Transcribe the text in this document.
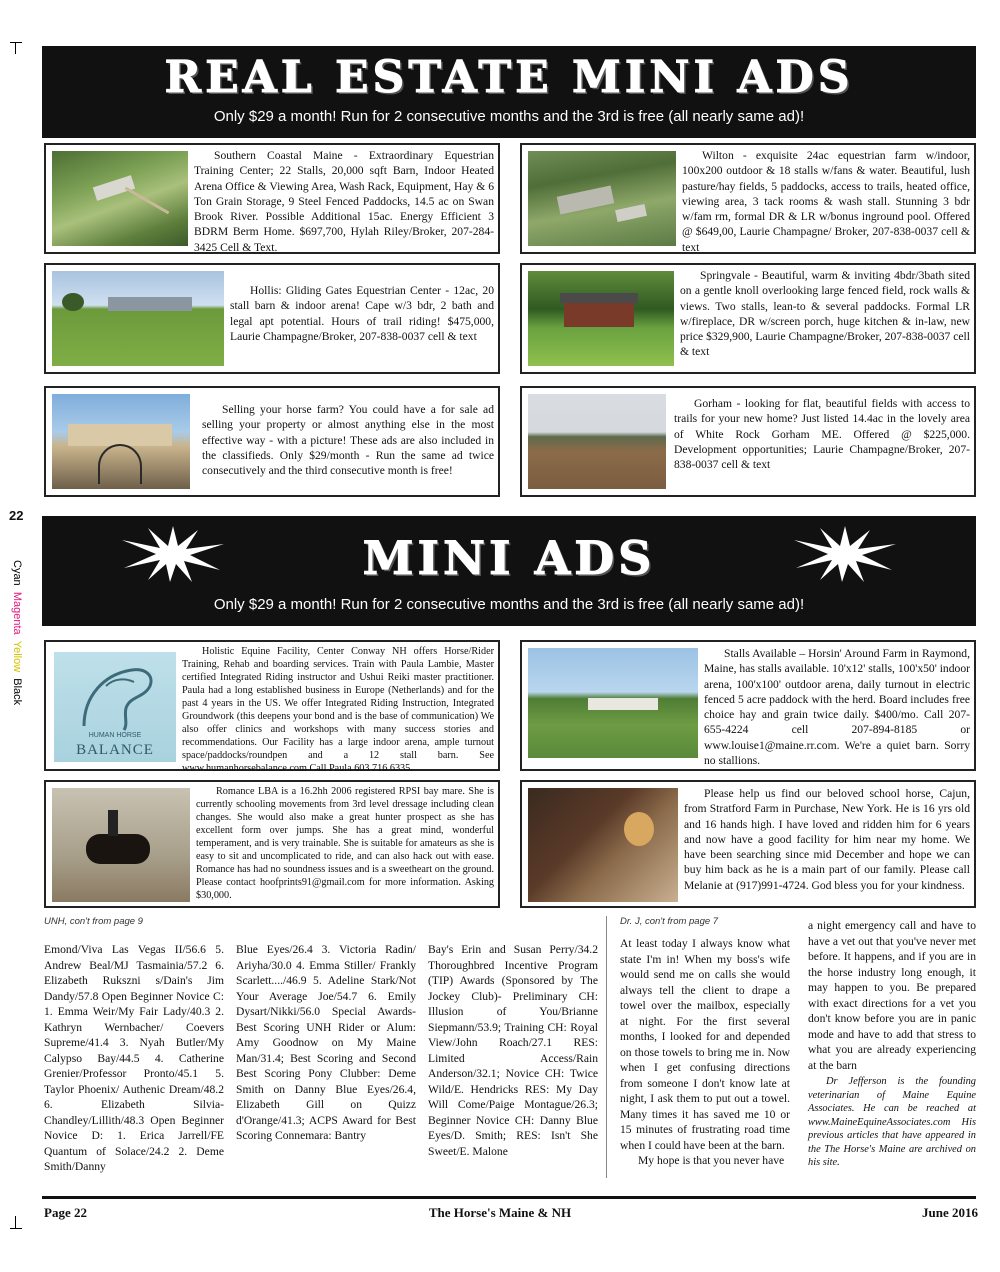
22
Cyan  Magenta  Yellow  Black
REAL ESTATE MINI ADS
Only $29 a month! Run for 2 consecutive months and the 3rd is free (all nearly same ad)!
Southern Coastal Maine - Extraordinary Equestrian Training Center; 22 Stalls, 20,000 sqft Barn, Indoor Heated Arena Office & Viewing Area, Wash Rack, Equipment, Hay & 6 Ton Grain Storage, 9 Steel Fenced Paddocks, 14.5 ac on Swan Brook River. Possible Additional 15ac. Energy Efficient 3 BDRM Berm Home. $697,700, Hylah Riley/Broker, 207-284-3425 Cell & Text.
Wilton - exquisite 24ac equestrian farm w/indoor, 100x200 outdoor & 18 stalls w/fans & water. Beautiful, lush pasture/hay fields, 5 paddocks, access to trails, heated office, viewing area, 3 tack rooms & wash stall. Stunning 3 bdr w/fam rm, formal DR & LR w/bonus inground pool. Offered @ $649,00, Laurie Champagne/ Broker, 207-838-0037 cell & text
Hollis: Gliding Gates Equestrian Center - 12ac, 20 stall barn & indoor arena! Cape w/3 bdr, 2 bath and legal apt potential. Hours of trail riding! $475,000, Laurie Champagne/Broker, 207-838-0037 cell & text
Springvale - Beautiful, warm & inviting 4bdr/3bath sited on a gentle knoll overlooking large fenced field, rock walls & views. Two stalls, lean-to & several paddocks. Formal LR w/fireplace, DR w/screen porch, huge kitchen & in-law, new price $329,900, Laurie Champagne/Broker, 207-838-0037 cell & text
Selling your horse farm? You could have a for sale ad selling your property or almost anything else in the most effective way - with a picture! These ads are also included in the classifieds. Only $29/month - Run the same ad twice consecutively and the third consecutive month is free!
Gorham - looking for flat, beautiful fields with access to trails for your new home? Just listed 14.4ac in the lovely area of White Rock Gorham ME. Offered @ $225,000. Development opportunities; Laurie Champagne/Broker, 207-838-0037 cell & text
MINI ADS
Only $29 a month! Run for 2 consecutive months and the 3rd is free (all nearly same ad)!
HUMAN HORSE
BALANCE
Holistic Equine Facility, Center Conway NH offers Horse/Rider Training, Rehab and boarding services. Train with Paula Lambie, Master certified Integrated Riding instructor and Ushui Reiki master practitioner. Paula had a long established business in Europe (Netherlands) and for the past 4 years in the US. We offer Integrated Riding Instruction, Integrated Groundwork (this deepens your bond and is the base of communication) We also offer clinics and workshops with many success stories and recommendations. Our Facility has a large indoor arena, ample turnout space/paddocks/roundpen and a 12 stall barn. See www.humanhorsebalance.com Call Paula 603 716 6335.
Stalls Available – Horsin' Around Farm in Raymond, Maine, has stalls available. 10'x12' stalls, 100'x50' indoor arena, 100'x100' outdoor arena, daily turnout in electric fenced 5 acre paddock with the herd. Board includes free choice hay and grain twice daily. $400/mo. Call 207-655-4224 cell 207-894-8185 or www.louise1@maine.rr.com. We're a quiet barn. Sorry no stallions.
Romance LBA is a 16.2hh 2006 registered RPSI bay mare. She is currently schooling movements from 3rd level dressage including clean changes. She would also make a great hunter prospect as she has excellent form over jumps. She has a great mind, wonderful temperament, and is very trainable. She is suitable for amateurs as she is easy to sit and uncomplicated to ride, and can also hack out with ease. Romance has had no soundness issues and is a sweetheart on the ground. Please contact hoofprints91@gmail.com for more information. Asking $30,000.
Please help us find our beloved school horse, Cajun, from Stratford Farm in Purchase, New York. He is 16 yrs old and 16 hands high. I have loved and ridden him for 6 years and now have a good facility for him near my home. We have been searching since mid December and hope we can buy him back as he is a main part of our family. Please call Melanie at (917)991-4724. God bless you for your kindness.
UNH, con't from page 9

Emond/Viva Las Vegas II/56.6 5. Andrew Beal/MJ Tasmainia/57.2 6. Elizabeth Rukszni s/Dain's Jim Dandy/57.8 Open Beginner Novice C: 1. Emma Weir/My Fair Lady/40.3 2. Kathryn Wernbacher/ Coevers Supreme/41.4 3. Nyah Butler/My Calypso Bay/44.5 4. Catherine Grenier/Professor Pronto/45.1 5. Taylor Phoenix/ Authenic Dream/48.2 6. Elizabeth Silvia-Chandley/Lillith/48.3 Open Beginner Novice D: 1. Erica Jarrell/FE Quantum of Solace/24.2 2. Deme Smith/Danny

Blue Eyes/26.4 3. Victoria Radin/ Ariyha/30.0 4. Emma Stiller/ Frankly Scarlett..../46.9 5. Adeline Stark/Not Your Average Joe/54.7 6. Emily Dysart/Nikki/56.0 Special Awards- Best Scoring UNH Rider or Alum: Amy Goodnow on My Maine Man/31.4; Best Scoring and Second Best Scoring Pony Clubber: Deme Smith on Danny Blue Eyes/26.4, Elizabeth Gill on Quizz d'Orange/41.3; ACPS Award for Best Scoring Connemara: Bantry

Bay's Erin and Susan Perry/34.2 Thoroughbred Incentive Program (TIP) Awards (Sponsored by The Jockey Club)- Preliminary CH: Illusion of You/Brianne Siepmann/53.9; Training CH: Royal View/John Roach/27.1 RES: Limited Access/Rain Anderson/32.1; Novice CH: Twice Wild/E. Hendricks RES: My Day Will Come/Paige Montague/26.3; Beginner Novice CH: Danny Blue Eyes/D. Smith; RES: Isn't She Sweet/E. Malone

Dr. J, con't from page 7

At least today I always know what state I'm in! When my boss's wife would send me on calls she would always tell the client to drape a towel over the mailbox, especially at night. For the first several months, I looked for and depended on those towels to bring me in. Now when I get confusing directions from someone I don't know late at night, I ask them to put out a towel. Many times it has saved me 10 or 15 minutes of frustrating road time when I could have been at the barn.

My hope is that you never have

a night emergency call and have to have a vet out that you've never met before. It happens, and if you are in the horse industry long enough, it may happen to you. Be prepared with exact directions for a vet you don't know before you are in panic mode and have to add that stress to what you are already experiencing at the barn

Dr Jefferson is the founding veterinarian of Maine Equine Associates. He can be reached at www.MaineEquineAssociates.com His previous articles that have appeared in the The Horse's Maine are archived on his site.

Page 22	The Horse's Maine & NH	June 2016
